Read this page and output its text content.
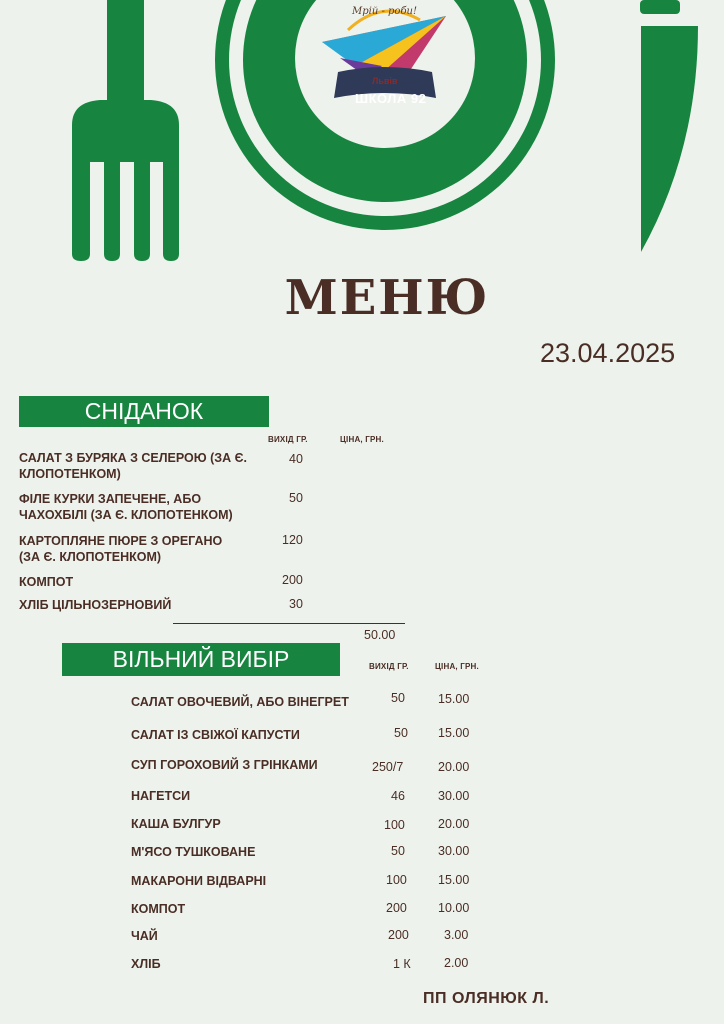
Мрій - роби!
Львів
ШКОЛА 92
МЕНЮ
23.04.2025
СНІДАНОК
ВИХІД ГР.	ЦІНА, ГРН.
САЛАТ З БУРЯКА З СЕЛЕРОЮ (ЗА Є.
КЛОПОТЕНКОМ)
40
ФІЛЕ КУРКИ ЗАПЕЧЕНЕ, АБО
ЧАХОХБІЛІ (ЗА Є. КЛОПОТЕНКОМ)
50
КАРТОПЛЯНЕ ПЮРЕ З ОРЕГАНО
(ЗА Є. КЛОПОТЕНКОМ)
120
КОМПОТ	200
ХЛІБ ЦІЛЬНОЗЕРНОВИЙ	30
50.00
ВІЛЬНИЙ ВИБІР	ВИХІД ГР.	ЦІНА, ГРН.
САЛАТ ОВОЧЕВИЙ, АБО ВІНЕГРЕТ	50	15.00
САЛАТ ІЗ СВІЖОЇ КАПУСТИ	50 15.00
СУП ГОРОХОВИЙ З ГРІНКАМИ	250/7	20.00
НАГЕТСИ	46	30.00
КАША БУЛГУР	100	20.00
М'ЯСО ТУШКОВАНЕ	50	30.00
МАКАРОНИ ВІДВАРНІ	100 15.00
КОМПОТ	200 10.00
ЧАЙ	200	3.00
ХЛІБ	1 К	2.00
ПП ОЛЯНЮК Л.
